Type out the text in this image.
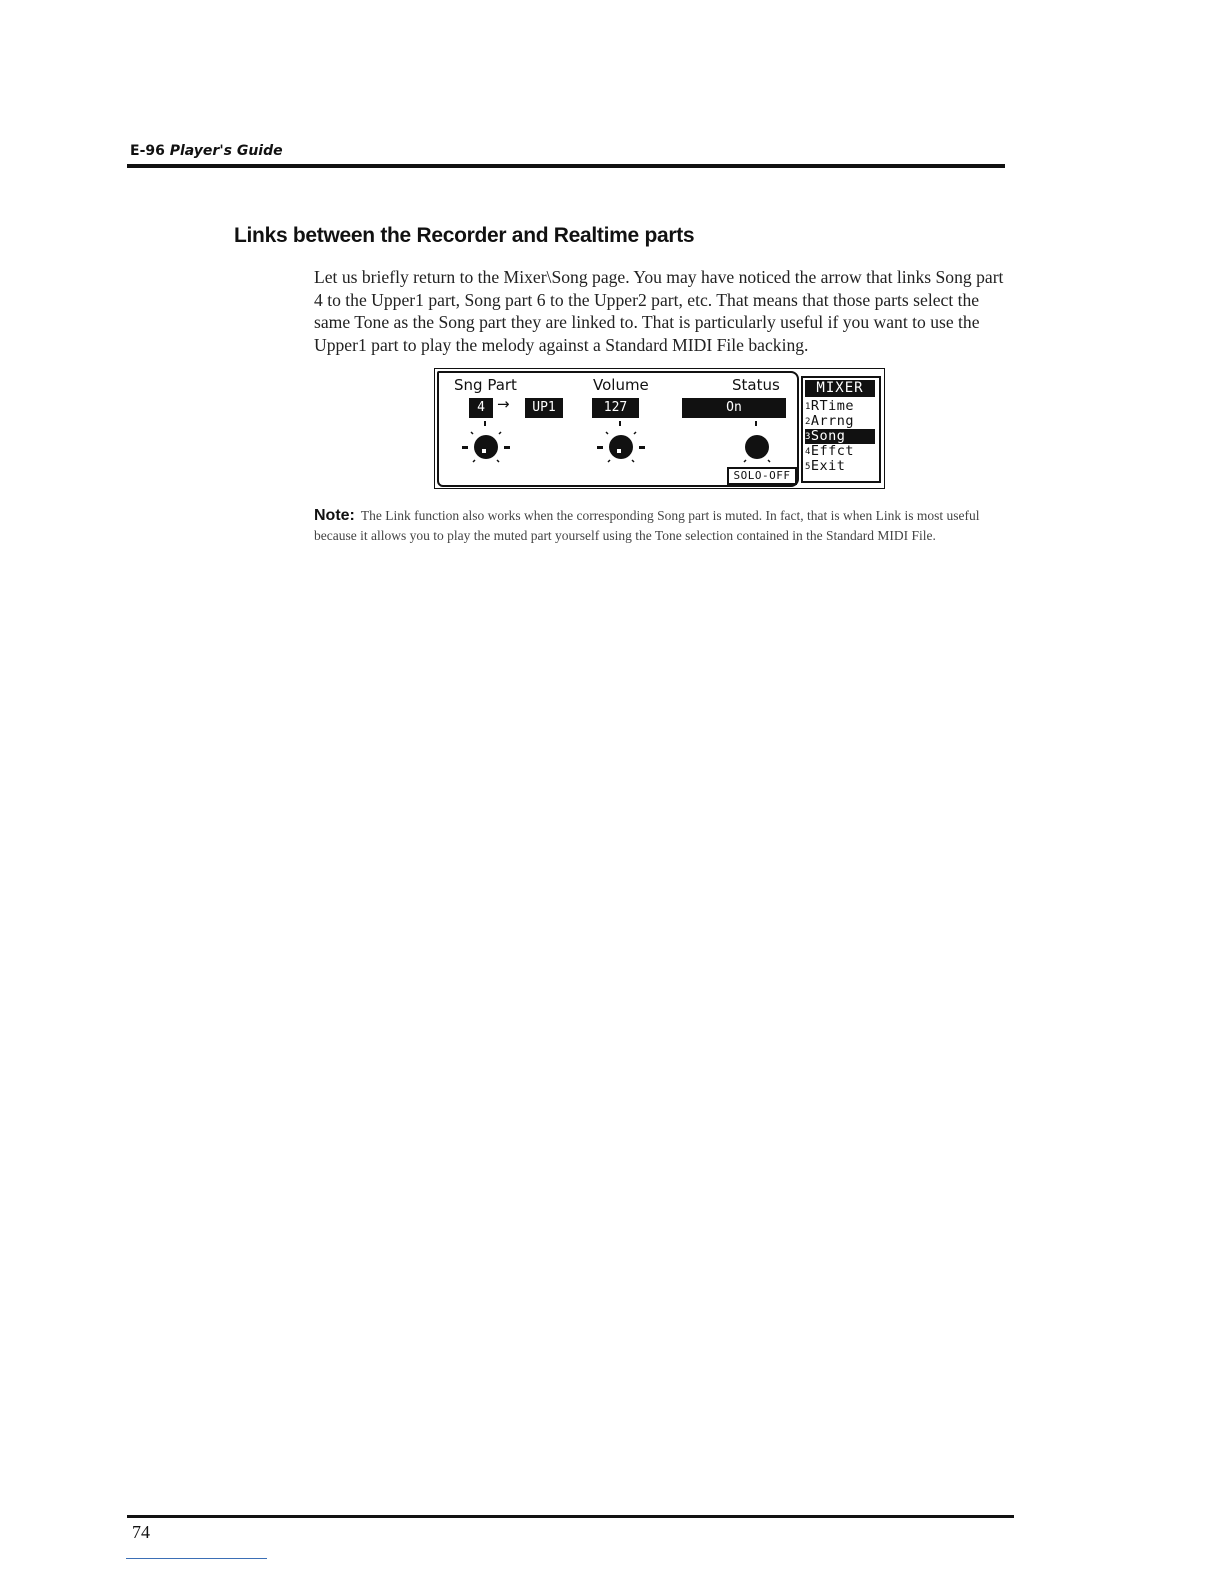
E-96 Player's Guide
Links between the Recorder and Realtime parts

Let us briefly return to the Mixer\Song page. You may have noticed the arrow that links Song part 4 to the Upper1 part, Song part 6 to the Upper2 part, etc. That means that those parts select the same Tone as the Song part they are linked to. That is particularly useful if you want to use the Upper1 part to play the melody against a Standard MIDI File backing.

Sng Part	Volume	Status
4 →	UP1	127	On
SOLO-OFF
MIXER
1RTime
2Arrng
3Song
4Effct
5Exit

Note: The Link function also works when the corresponding Song part is muted. In fact, that is when Link is most useful because it allows you to play the muted part yourself using the Tone selection contained in the Standard MIDI File.

74
